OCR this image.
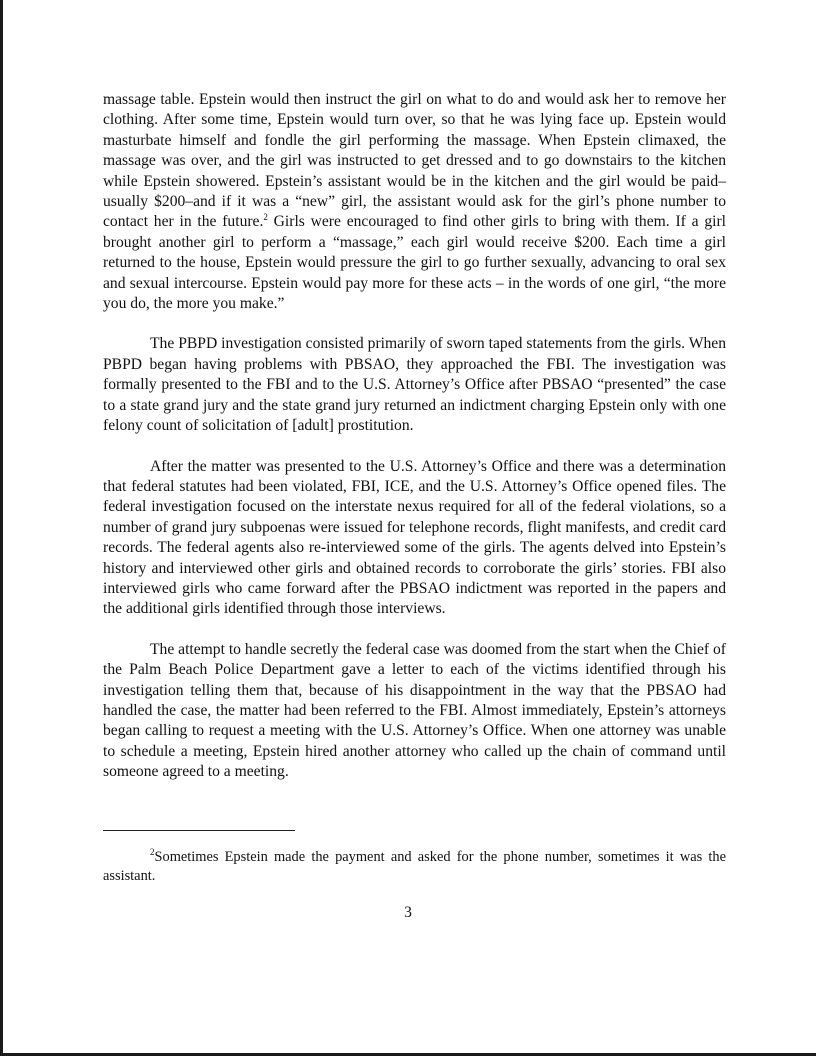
massage table. Epstein would then instruct the girl on what to do and would ask her to remove her clothing. After some time, Epstein would turn over, so that he was lying face up. Epstein would masturbate himself and fondle the girl performing the massage. When Epstein climaxed, the massage was over, and the girl was instructed to get dressed and to go downstairs to the kitchen while Epstein showered. Epstein’s assistant would be in the kitchen and the girl would be paid–usually $200–and if it was a “new” girl, the assistant would ask for the girl’s phone number to contact her in the future.$^2$ Girls were encouraged to find other girls to bring with them. If a girl brought another girl to perform a “massage,” each girl would receive $200. Each time a girl returned to the house, Epstein would pressure the girl to go further sexually, advancing to oral sex and sexual intercourse. Epstein would pay more for these acts – in the words of one girl, “the more you do, the more you make.”

The PBPD investigation consisted primarily of sworn taped statements from the girls. When PBPD began having problems with PBSAO, they approached the FBI. The investigation was formally presented to the FBI and to the U.S. Attorney’s Office after PBSAO “presented” the case to a state grand jury and the state grand jury returned an indictment charging Epstein only with one felony count of solicitation of [adult] prostitution.

After the matter was presented to the U.S. Attorney’s Office and there was a determination that federal statutes had been violated, FBI, ICE, and the U.S. Attorney’s Office opened files. The federal investigation focused on the interstate nexus required for all of the federal violations, so a number of grand jury subpoenas were issued for telephone records, flight manifests, and credit card records. The federal agents also re-interviewed some of the girls. The agents delved into Epstein’s history and interviewed other girls and obtained records to corroborate the girls’ stories. FBI also interviewed girls who came forward after the PBSAO indictment was reported in the papers and the additional girls identified through those interviews.

The attempt to handle secretly the federal case was doomed from the start when the Chief of the Palm Beach Police Department gave a letter to each of the victims identified through his investigation telling them that, because of his disappointment in the way that the PBSAO had handled the case, the matter had been referred to the FBI. Almost immediately, Epstein’s attorneys began calling to request a meeting with the U.S. Attorney’s Office. When one attorney was unable to schedule a meeting, Epstein hired another attorney who called up the chain of command until someone agreed to a meeting.

$^2$Sometimes Epstein made the payment and asked for the phone number, sometimes it was the assistant.

3
